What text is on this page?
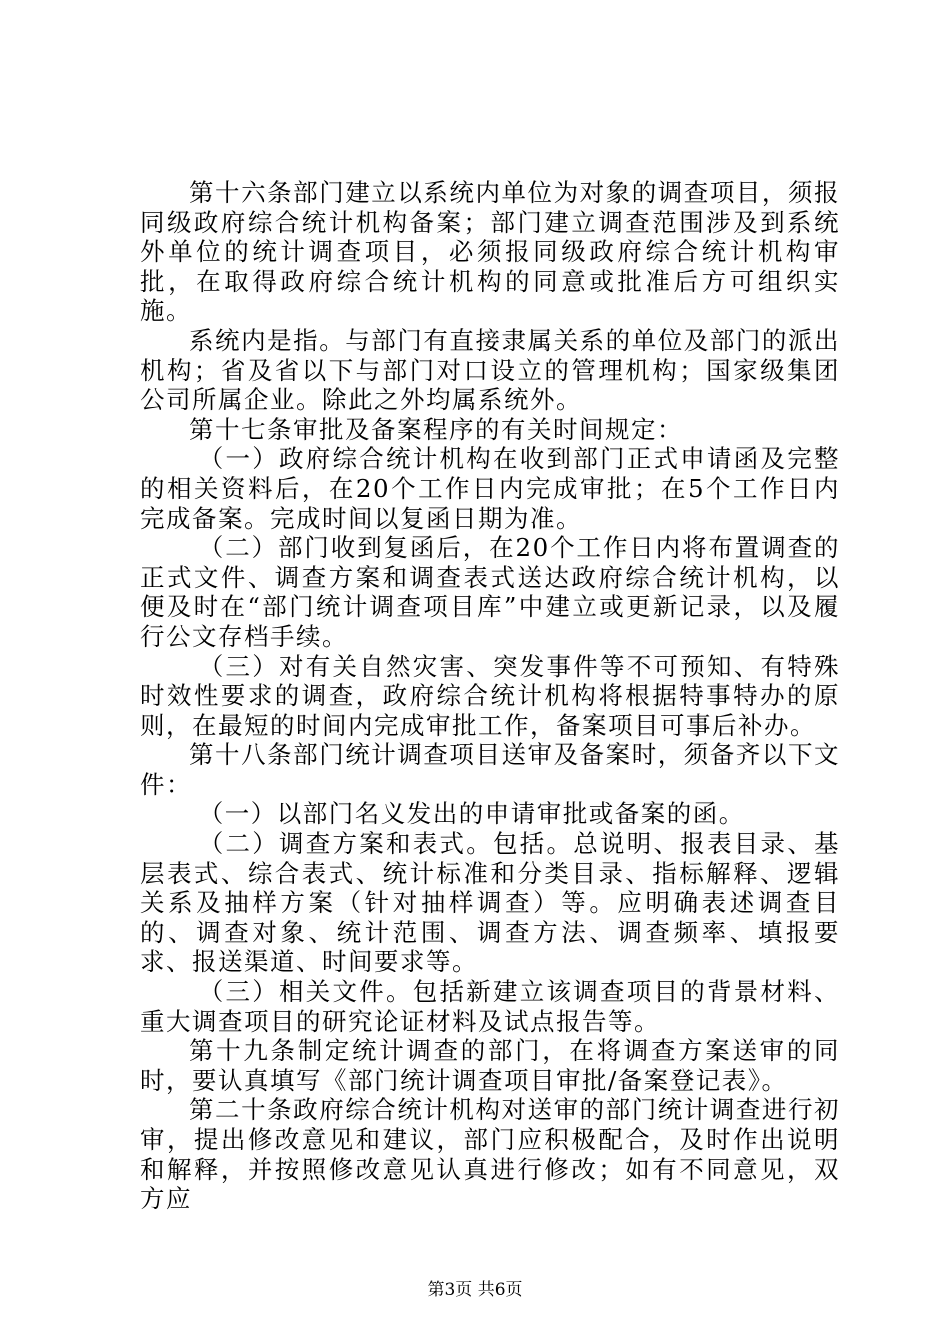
第十六条部门建立以系统内单位为对象的调查项目，须报同级政府综合统计机构备案；部门建立调查范围涉及到系统外单位的统计调查项目，必须报同级政府综合统计机构审批，在取得政府综合统计机构的同意或批准后方可组织实施。

系统内是指。与部门有直接隶属关系的单位及部门的派出机构；省及省以下与部门对口设立的管理机构；国家级集团公司所属企业。除此之外均属系统外。

第十七条审批及备案程序的有关时间规定：

（一）政府综合统计机构在收到部门正式申请函及完整的相关资料后，在20个工作日内完成审批；在5个工作日内完成备案。完成时间以复函日期为准。

（二）部门收到复函后，在20个工作日内将布置调查的正式文件、调查方案和调查表式送达政府综合统计机构，以便及时在“部门统计调查项目库”中建立或更新记录，以及履行公文存档手续。

（三）对有关自然灾害、突发事件等不可预知、有特殊时效性要求的调查，政府综合统计机构将根据特事特办的原则，在最短的时间内完成审批工作，备案项目可事后补办。

第十八条部门统计调查项目送审及备案时，须备齐以下文件：

（一）以部门名义发出的申请审批或备案的函。

（二）调查方案和表式。包括。总说明、报表目录、基层表式、综合表式、统计标准和分类目录、指标解释、逻辑关系及抽样方案（针对抽样调查）等。应明确表述调查目的、调查对象、统计范围、调查方法、调查频率、填报要求、报送渠道、时间要求等。

（三）相关文件。包括新建立该调查项目的背景材料、重大调查项目的研究论证材料及试点报告等。

第十九条制定统计调查的部门，在将调查方案送审的同时，要认真填写《部门统计调查项目审批/备案登记表》。

第二十条政府综合统计机构对送审的部门统计调查进行初审，提出修改意见和建议，部门应积极配合，及时作出说明和解释，并按照修改意见认真进行修改；如有不同意见，双方应

第3页 共6页
